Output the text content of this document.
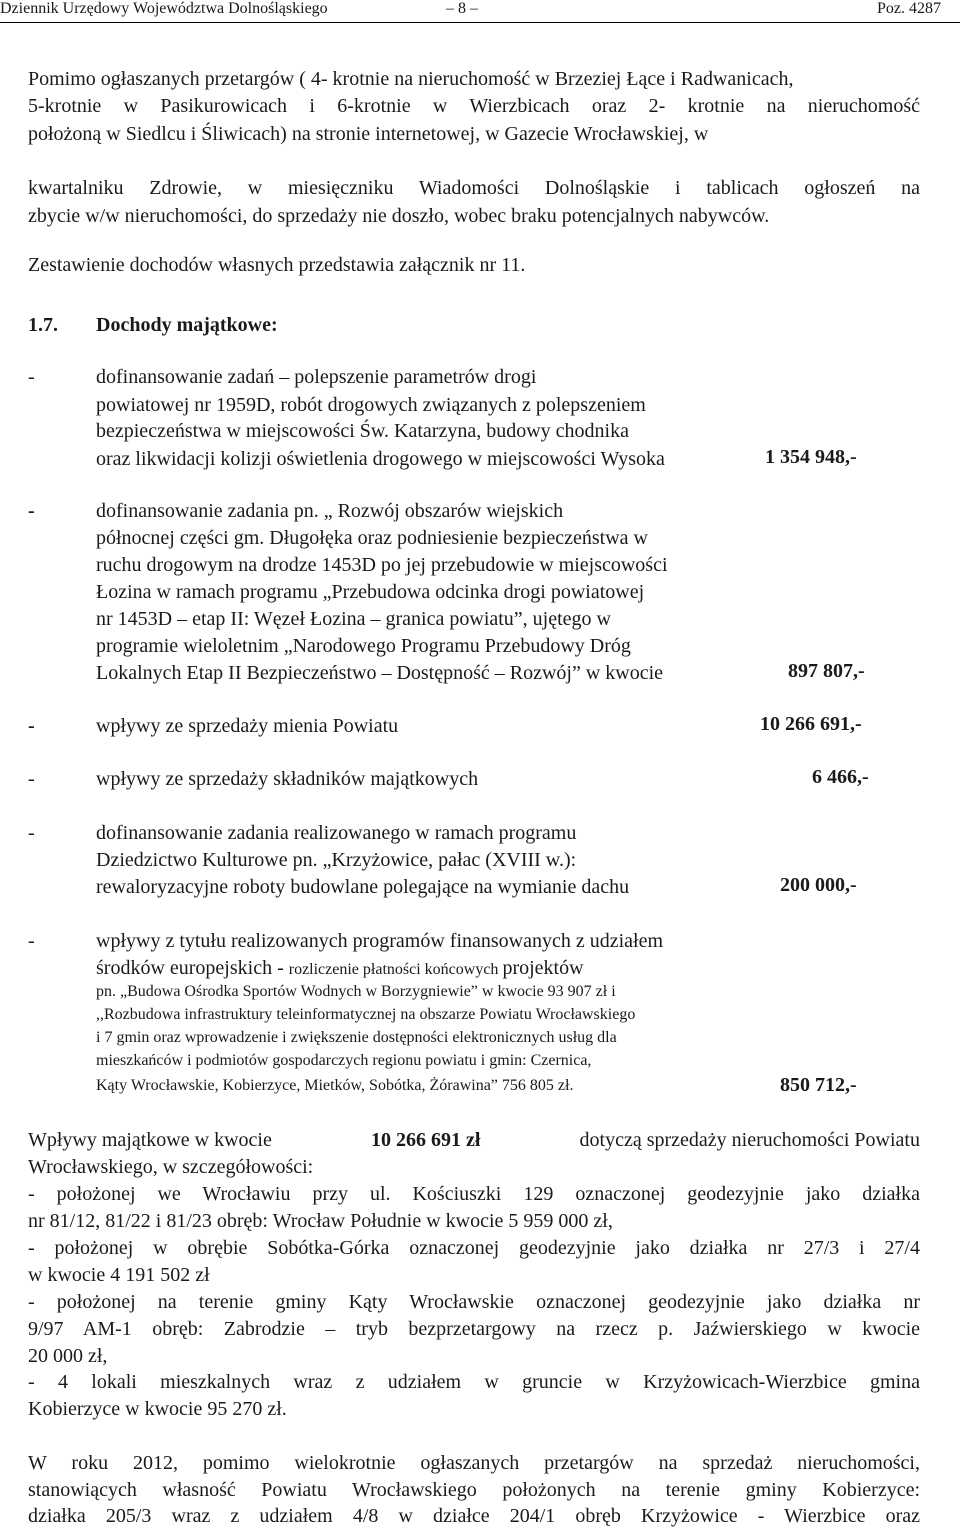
Dziennik Urzędowy Województwa Dolnośląskiego	– 8 –	Poz. 4287
Pomimo ogłaszanych przetargów ( 4- krotnie na nieruchomość w Brzeziej Łące i Radwanicach,
5-krotnie w Pasikurowicach i 6-krotnie w Wierzbicach oraz 2- krotnie na nieruchomość
położoną w Siedlcu i Śliwicach) na stronie internetowej, w Gazecie Wrocławskiej, w
kwartalniku Zdrowie, w miesięczniku Wiadomości Dolnośląskie i tablicach ogłoszeń na
zbycie w/w nieruchomości, do sprzedaży nie doszło, wobec braku potencjalnych nabywców.
Zestawienie dochodów własnych przedstawia załącznik nr 11.
1.7. Dochody majątkowe:
-	dofinansowanie zadań – polepszenie parametrów drogi
powiatowej nr 1959D, robót drogowych związanych z polepszeniem
bezpieczeństwa w miejscowości Św. Katarzyna, budowy chodnika
oraz likwidacji kolizji oświetlenia drogowego w miejscowości Wysoka	1 354 948,-
-	dofinansowanie zadania pn. „ Rozwój obszarów wiejskich
północnej części gm. Długołęka oraz podniesienie bezpieczeństwa w
ruchu drogowym na drodze 1453D po jej przebudowie w miejscowości
Łozina w ramach programu „Przebudowa odcinka drogi powiatowej
nr 1453D – etap II: Węzeł Łozina – granica powiatu”, ujętego w
programie wieloletnim „Narodowego Programu Przebudowy Dróg
Lokalnych Etap II Bezpieczeństwo – Dostępność – Rozwój” w kwocie	897 807,-
-	wpływy ze sprzedaży mienia Powiatu	10 266 691,-
-	wpływy ze sprzedaży składników majątkowych	6 466,-
-	dofinansowanie zadania realizowanego w ramach programu
Dziedzictwo Kulturowe pn. „Krzyżowice, pałac (XVIII w.):
rewaloryzacyjne roboty budowlane polegające na wymianie dachu	200 000,-
-	wpływy z tytułu realizowanych programów finansowanych z udziałem
środków europejskich - rozliczenie płatności końcowych projektów
pn. „Budowa Ośrodka Sportów Wodnych w Borzygniewie” w kwocie 93 907 zł i
,,Rozbudowa infrastruktury teleinformatycznej na obszarze Powiatu Wrocławskiego
i 7 gmin oraz wprowadzenie i zwiększenie dostępności elektronicznych usług dla
mieszkańców i podmiotów gospodarczych regionu powiatu i gmin: Czernica,
Kąty Wrocławskie, Kobierzyce, Mietków, Sobótka, Żórawina” 756 805 zł.	850 712,-
Wpływy majątkowe w kwocie	10 266 691 zł	dotyczą sprzedaży nieruchomości Powiatu
Wrocławskiego, w szczegółowości:
- położonej we Wrocławiu przy ul. Kościuszki 129 oznaczonej geodezyjnie jako działka
nr 81/12, 81/22 i 81/23 obręb: Wrocław Południe w kwocie 5 959 000 zł,
- położonej w obrębie Sobótka-Górka oznaczonej geodezyjnie jako działka nr 27/3 i 27/4
w kwocie 4 191 502 zł
- położonej na terenie gminy Kąty Wrocławskie oznaczonej geodezyjnie jako działka nr
9/97 AM-1 obręb: Zabrodzie – tryb bezprzetargowy na rzecz p. Jaźwierskiego w kwocie
20 000 zł,
- 4 lokali mieszkalnych wraz z udziałem w gruncie w Krzyżowicach-Wierzbice gmina
Kobierzyce w kwocie 95 270 zł.
W roku 2012, pomimo wielokrotnie ogłaszanych przetargów na sprzedaż nieruchomości,
stanowiących własność Powiatu Wrocławskiego położonych na terenie gminy Kobierzyce:
działka 205/3 wraz z udziałem 4/8 w działce 204/1 obręb Krzyżowice - Wierzbice oraz
